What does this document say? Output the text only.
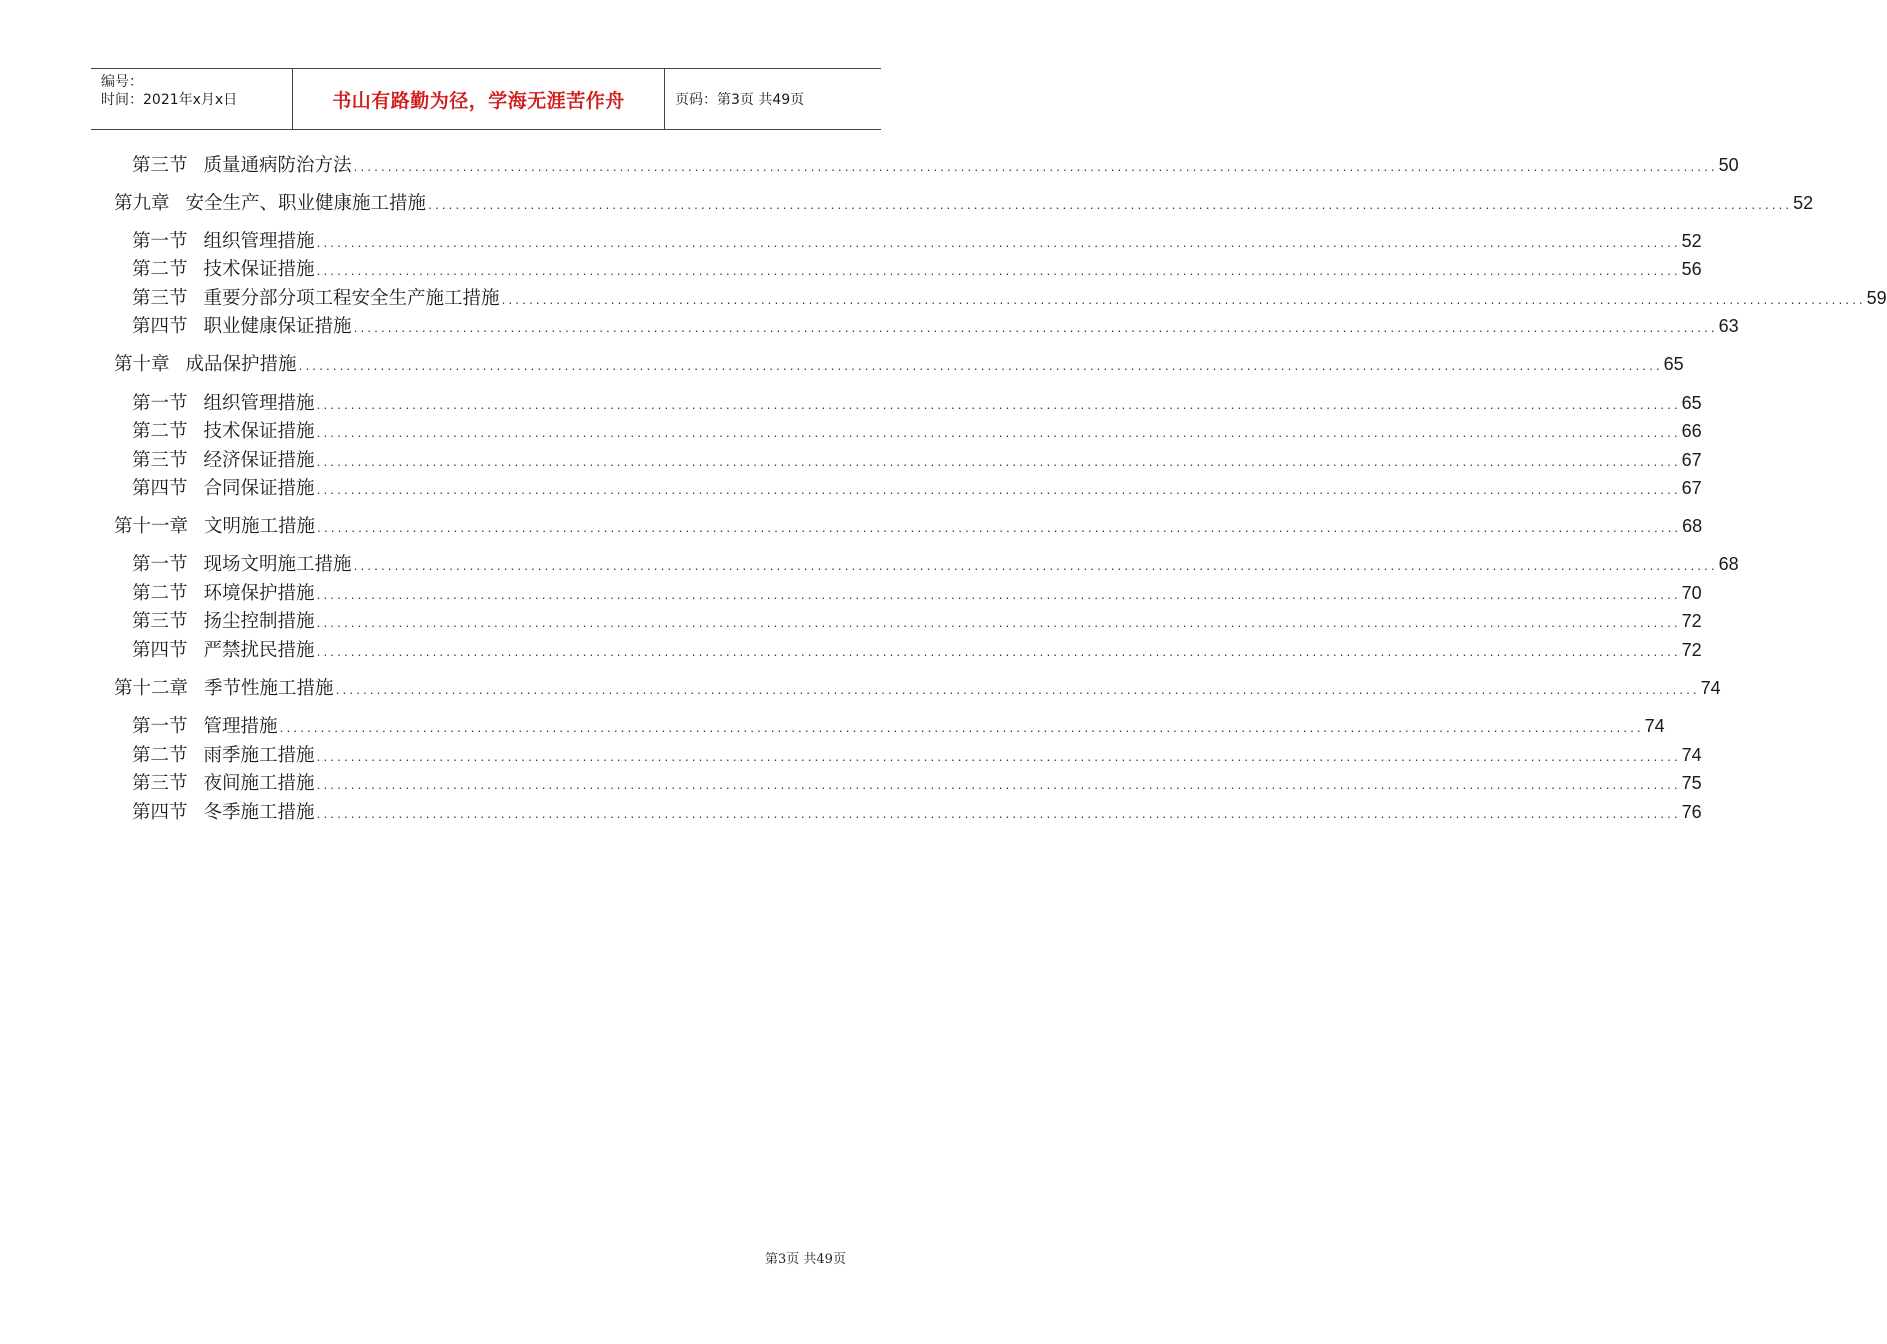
编号：
时间：2021年x月x日	书山有路勤为径，学海无涯苦作舟	页码：第3页 共49页
第三节 质量通病防治方法 ........................................................................................................................................................................................................ 50
第九章 安全生产、职业健康施工措施 ........................................................................................................................................................................................................ 52
第一节 组织管理措施 ........................................................................................................................................................................................................ 52
第二节 技术保证措施 ........................................................................................................................................................................................................ 56
第三节 重要分部分项工程安全生产施工措施 ........................................................................................................................................................................................................ 59
第四节 职业健康保证措施 ........................................................................................................................................................................................................ 63
第十章 成品保护措施 ........................................................................................................................................................................................................ 65
第一节 组织管理措施 ........................................................................................................................................................................................................ 65
第二节 技术保证措施 ........................................................................................................................................................................................................ 66
第三节 经济保证措施 ........................................................................................................................................................................................................ 67
第四节 合同保证措施 ........................................................................................................................................................................................................ 67
第十一章 文明施工措施 ........................................................................................................................................................................................................ 68
第一节 现场文明施工措施 ........................................................................................................................................................................................................ 68
第二节 环境保护措施 ........................................................................................................................................................................................................ 70
第三节 扬尘控制措施 ........................................................................................................................................................................................................ 72
第四节 严禁扰民措施 ........................................................................................................................................................................................................ 72
第十二章 季节性施工措施 ........................................................................................................................................................................................................ 74
第一节 管理措施 ........................................................................................................................................................................................................ 74
第二节 雨季施工措施 ........................................................................................................................................................................................................ 74
第三节 夜间施工措施 ........................................................................................................................................................................................................ 75
第四节 冬季施工措施 ........................................................................................................................................................................................................ 76
第3页 共49页
